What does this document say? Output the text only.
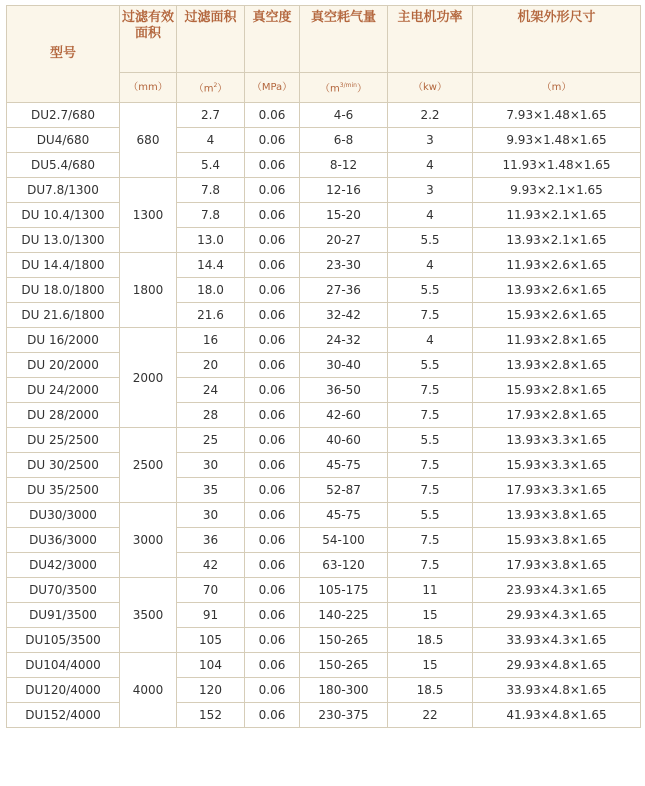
型号	过滤有效面积	过滤面积	真空度	真空耗气量	主电机功率	机架外形尺寸
	（mm）	$(m^2)$	（MPa）	$(m^{3/min})$	（kw）	（m）
DU2.7/680	680	2.7	0.06	4-6	2.2	7.93×1.48×1.65
DU4/680		4	0.06	6-8	3	9.93×1.48×1.65
DU5.4/680		5.4	0.06	8-12	4	11.93×1.48×1.65
DU7.8/1300	1300	7.8	0.06	12-16	3	9.93×2.1×1.65
DU 10.4/1300		7.8	0.06	15-20	4	11.93×2.1×1.65
DU 13.0/1300		13.0	0.06	20-27	5.5	13.93×2.1×1.65
DU 14.4/1800	1800	14.4	0.06	23-30	4	11.93×2.6×1.65
DU 18.0/1800		18.0	0.06	27-36	5.5	13.93×2.6×1.65
DU 21.6/1800		21.6	0.06	32-42	7.5	15.93×2.6×1.65
DU 16/2000	2000	16	0.06	24-32	4	11.93×2.8×1.65
DU 20/2000		20	0.06	30-40	5.5	13.93×2.8×1.65
DU 24/2000		24	0.06	36-50	7.5	15.93×2.8×1.65
DU 28/2000		28	0.06	42-60	7.5	17.93×2.8×1.65
DU 25/2500	2500	25	0.06	40-60	5.5	13.93×3.3×1.65
DU 30/2500		30	0.06	45-75	7.5	15.93×3.3×1.65
DU 35/2500		35	0.06	52-87	7.5	17.93×3.3×1.65
DU30/3000	3000	30	0.06	45-75	5.5	13.93×3.8×1.65
DU36/3000		36	0.06	54-100	7.5	15.93×3.8×1.65
DU42/3000		42	0.06	63-120	7.5	17.93×3.8×1.65
DU70/3500	3500	70	0.06	105-175	11	23.93×4.3×1.65
DU91/3500		91	0.06	140-225	15	29.93×4.3×1.65
DU105/3500		105	0.06	150-265	18.5	33.93×4.3×1.65
DU104/4000	4000	104	0.06	150-265	15	29.93×4.8×1.65
DU120/4000		120	0.06	180-300	18.5	33.93×4.8×1.65
DU152/4000		152	0.06	230-375	22	41.93×4.8×1.65
